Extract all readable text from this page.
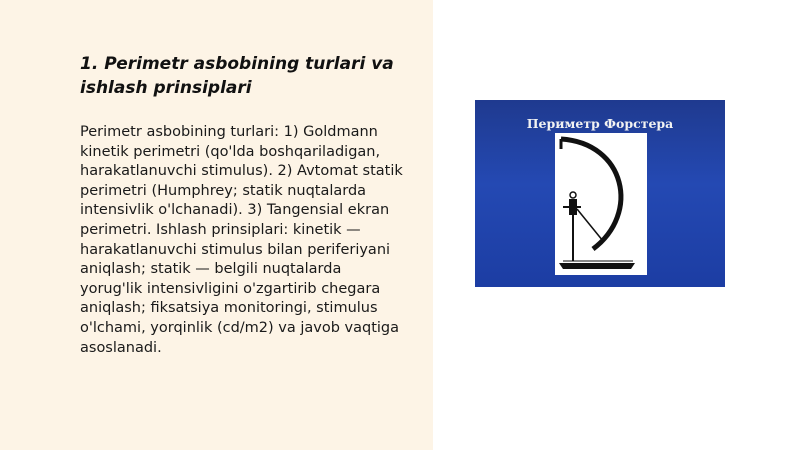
1. Perimetr asbobining turlari va ishlash prinsiplari

Perimetr asbobining turlari: 1) Goldmann kinetik perimetri (qo'lda boshqariladigan, harakatlanuvchi stimulus). 2) Avtomat statik perimetri (Humphrey; statik nuqtalarda intensivlik o'lchanadi). 3) Tangensial ekran perimetri. Ishlash prinsiplari: kinetik — harakatlanuvchi stimulus bilan periferiyani aniqlash; statik — belgili nuqtalarda yorug'lik intensivligini o'zgartirib chegara aniqlash; fiksatsiya monitoringi, stimulus o'lchami, yorqinlik (cd/m2) va javob vaqtiga asoslanadi.

Периметр Форстера
